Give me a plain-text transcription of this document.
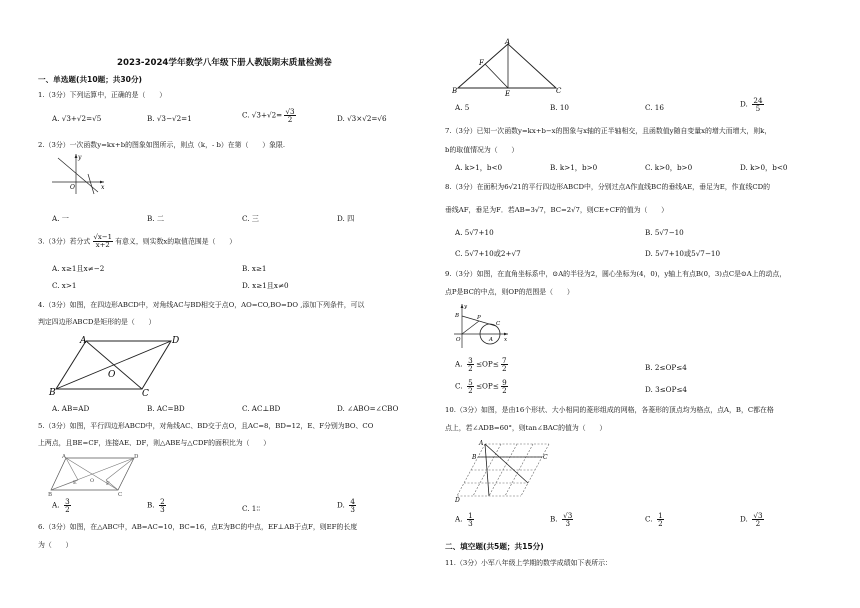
2023-2024学年数学八年级下册人教版期末质量检测卷
一、单选题(共10题；共30分)
1.（3分）下列运算中，正确的是（　　）
A. √3+√2=√5	B. √3−√2=1	C. $√3+√2= \frac{√3}{2}$	D. √3×√2=√6
2.（3分）一次函数y=kx+b的图象如图所示，则点（k，- b）在第（　　）象限.
y
x
O
A. 一	B. 二	C. 三	D. 四
3.（3分）若分式 $\frac{√x-1}{x+2}$ 有意义，则实数x的取值范围是（　　）
A. x≥1且x≠−2	B. x≥1
C. x>1	D. x≥1且x≠0
4.（3分）如图，在四边形ABCD中，对角线AC与BD相交于点O，AO=CO,BO=DO ,添加下列条件，可以
判定四边形ABCD是矩形的是（　　）
A	D
B	C
O
A. AB=AD	B. AC=BD	C. AC⊥BD	D. ∠ABO=∠CBO
5.（3分）如图，平行四边形ABCD中，对角线AC、BD交于点O，且AC=8，BD=12，E、F分别为BO、CO
上两点，且BE=CF，连接AE、DF，则△ABE与△CDF的面积比为（　　）
A	D
B	C
O
E	F
A. $\frac{3}{2}$	B. $\frac{2}{3}$	C. 1∶∶	D. $\frac{4}{3}$
6.（3分）如图，在△ABC中，AB=AC=10，BC=16，点E为BC的中点，EF⊥AB于点F，则EF的长度
为（　　）
A
B	C
E
F
A. 5	B. 10	C. 16	D. $\frac{24}{5}$
7.（3分）已知一次函数y=kx+b−x的图象与x轴的正半轴相交，且函数值y随自变量x的增大而增大，则k，
b的取值情况为（　　）
A. k>1，b<0	B. k>1，b>0	C. k>0，b>0	D. k>0，b<0
8.（3分）在面积为6√21的平行四边形ABCD中，分别过点A作直线BC的垂线AE，垂足为E，作直线CD的
垂线AF，垂足为F．若AB=3√7，BC=2√7，则CE+CF的值为（　　）
A. 5√7+10	B. 5√7−10
C. 5√7+10或2+√7	D. 5√7+10或5√7−10
9.（3分）如图，在直角坐标系中，⊙A的半径为2，圆心坐标为(4，0)，y轴上有点B(0，3)点C是⊙A上的动点，
点P是BC的中点，则OP的范围是（　　）
y
x
O	A
B
C
P
A. $\frac{3}{2} \le OP\le \frac{7}{2}$	B. 2≤OP≤4
C. $\frac{5}{2} \le OP\le \frac{9}{2}$	D. 3≤OP≤4
10.（3分）如图，是由16个形状、大小相同的菱形组成的网格，各菱形的顶点均为格点，点A，B，C都在格
点上，若∠ADB=60°，则tan∠BAC的值为（　　）
A
B	C
D
A. $\frac{1}{3}$	B. $\frac{√3}{3}$	C. $\frac{1}{2}$	D. $\frac{√3}{2}$
二、填空题(共5题；共15分)
11.（3分）小军八年级上学期的数学成绩如下表所示：
